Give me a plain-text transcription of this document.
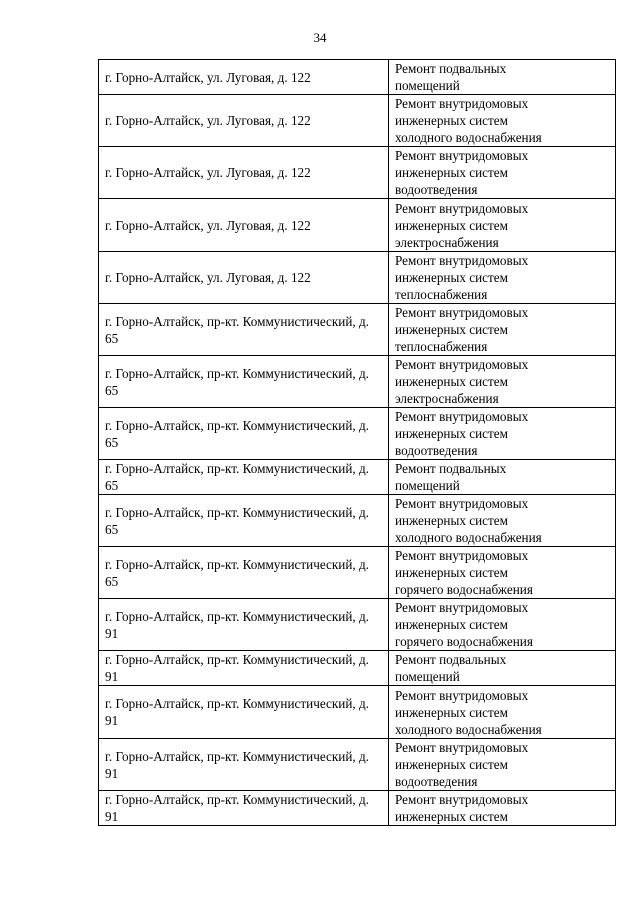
34
г. Горно-Алтайск, ул. Луговая, д. 122	Ремонт подвальных
помещений

г. Горно-Алтайск, ул. Луговая, д. 122	Ремонт внутридомовых
инженерных систем
холодного водоснабжения

г. Горно-Алтайск, ул. Луговая, д. 122	Ремонт внутридомовых
инженерных систем
водоотведения

г. Горно-Алтайск, ул. Луговая, д. 122	Ремонт внутридомовых
инженерных систем
электроснабжения

г. Горно-Алтайск, ул. Луговая, д. 122	Ремонт внутридомовых
инженерных систем
теплоснабжения

г. Горно-Алтайск, пр-кт. Коммунистический, д. 65	Ремонт внутридомовых
инженерных систем
теплоснабжения

г. Горно-Алтайск, пр-кт. Коммунистический, д. 65	Ремонт внутридомовых
инженерных систем
электроснабжения

г. Горно-Алтайск, пр-кт. Коммунистический, д. 65	Ремонт внутридомовых
инженерных систем
водоотведения

г. Горно-Алтайск, пр-кт. Коммунистический, д. 65	Ремонт подвальных
помещений

г. Горно-Алтайск, пр-кт. Коммунистический, д. 65	Ремонт внутридомовых
инженерных систем
холодного водоснабжения

г. Горно-Алтайск, пр-кт. Коммунистический, д. 65	Ремонт внутридомовых
инженерных систем
горячего водоснабжения

г. Горно-Алтайск, пр-кт. Коммунистический, д. 91	Ремонт внутридомовых
инженерных систем
горячего водоснабжения

г. Горно-Алтайск, пр-кт. Коммунистический, д. 91	Ремонт подвальных
помещений

г. Горно-Алтайск, пр-кт. Коммунистический, д. 91	Ремонт внутридомовых
инженерных систем
холодного водоснабжения

г. Горно-Алтайск, пр-кт. Коммунистический, д. 91	Ремонт внутридомовых
инженерных систем
водоотведения

г. Горно-Алтайск, пр-кт. Коммунистический, д. 91	Ремонт внутридомовых
инженерных систем
